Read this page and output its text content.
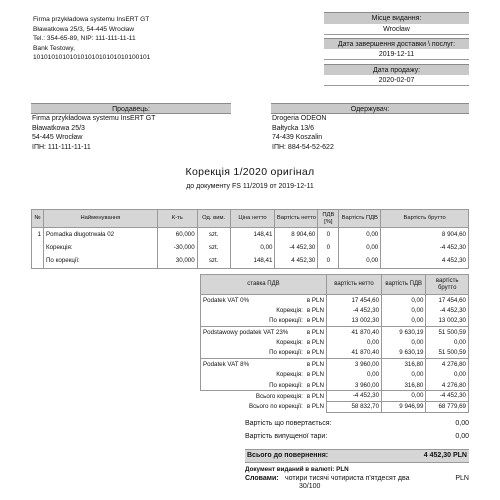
Firma przykładowa systemu InsERT GT
Bławatkowa 25/3, 54-445 Wrocław
Tel.: 354-65-89, NIP: 111-111-11-11
Bank Testowy,
10101010101010101010101010100101
Місце видання:
Wrocław
Дата завершення доставки \ послуг:
2019-12-11
Дата продажу:
2020-02-07
Продавець:
Firma przykładowa systemu InsERT GT
Bławatkowa 25/3
54-445 Wrocław
ІПН: 111-111-11-11
Одержувач:
Drogeria ODEON
Bałtycka 13/6
74-439 Koszalin
ІПН: 884-54-52-622
Корекція 1/2020 оригінал
до документу FS 11/2019 от 2019-12-11
№	Найменування	К-ть	Од. вим.	Ціна нетто	Вартість нетто	ПДВ [%]	Вартість ПДВ	Вартість брутто
1	Pomadka długotrwała 02	60,000	szt.	148,41	8 904,60	0	0,00	8 904,60
	Корекція:	-30,000	szt.	0,00	-4 452,30	0	0,00	-4 452,30
	По корекції:	30,000	szt.	148,41	4 452,30	0	0,00	4 452,30
ставка ПДВ		вартість нетто	вартість ПДВ	вартість брутто
Podatek VAT 0%	в PLN	17 454,60	0,00	17 454,60
Корекція:	в PLN	-4 452,30	0,00	-4 452,30
По корекції:	в PLN	13 002,30	0,00	13 002,30
Podstawowy podatek VAT 23%	в PLN	41 870,40	9 630,19	51 500,59
Корекція:	в PLN	0,00	0,00	0,00
По корекції:	в PLN	41 870,40	9 630,19	51 500,59
Podatek VAT 8%	в PLN	3 960,00	316,80	4 276,80
Корекція:	в PLN	0,00	0,00	0,00
По корекції:	в PLN	3 960,00	316,80	4 276,80
Всього корекція:	в PLN	-4 452,30	0,00	-4 452,30
Всього по корекції:	в PLN	58 832,70	9 946,99	68 779,69
Вартість що повертається:	0,00
Вартість випущеної тари:	0,00
Всього до повернення:	4 452,30 PLN
Документ виданий в валюті: PLN
Словами: чотири тисячі чотириста п'ятдесят два	PLN
30/100
